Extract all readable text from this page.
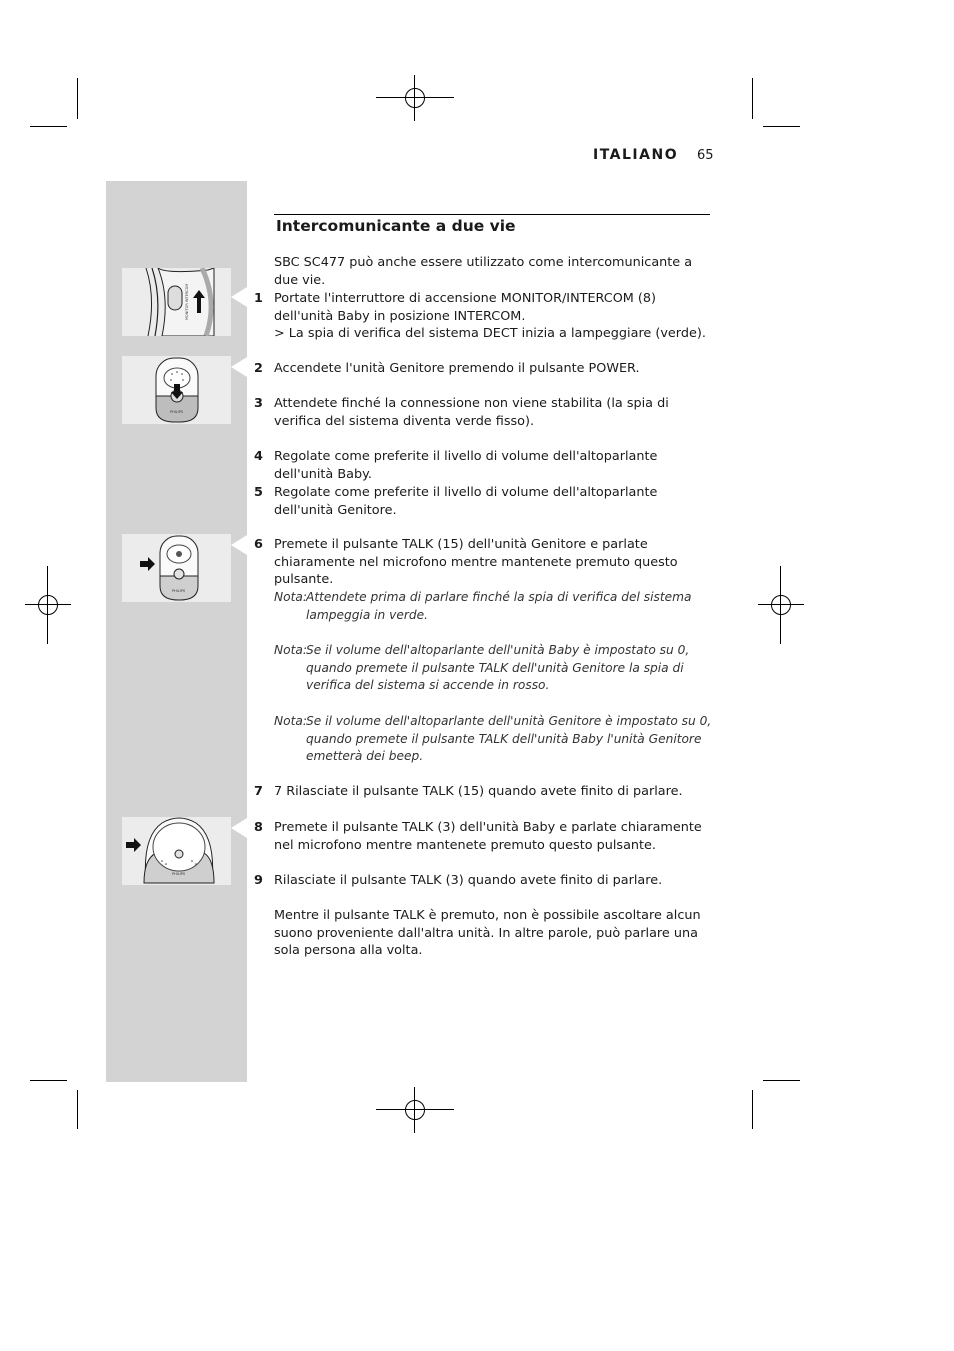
ITALIANO 65
MONITOR INTERCOM
PHILIPS
PHILIPS
PHILIPS
Intercomunicante a due vie
SBC SC477 può anche essere utilizzato come intercomunicante a due vie.
1 Portate l'interruttore di accensione MONITOR/INTERCOM (8) dell'unità Baby in posizione INTERCOM.
> La spia di verifica del sistema DECT inizia a lampeggiare (verde).
2 Accendete l'unità Genitore premendo il pulsante POWER.
3 Attendete finché la connessione non viene stabilita (la spia di verifica del sistema diventa verde fisso).
4 Regolate come preferite il livello di volume dell'altoparlante dell'unità Baby.
5 Regolate come preferite il livello di volume dell'altoparlante dell'unità Genitore.
6 Premete il pulsante TALK (15) dell'unità Genitore e parlate chiaramente nel microfono mentre mantenete premuto questo pulsante.
Nota: Attendete prima di parlare finché la spia di verifica del sistema lampeggia in verde.
Nota: Se il volume dell'altoparlante dell'unità Baby è impostato su 0, quando premete il pulsante TALK dell'unità Genitore la spia di verifica del sistema si accende in rosso.
Nota: Se il volume dell'altoparlante dell'unità Genitore è impostato su 0, quando premete il pulsante TALK dell'unità Baby l'unità Genitore emetterà dei beep.
7 7 Rilasciate il pulsante TALK (15) quando avete finito di parlare.
8 Premete il pulsante TALK (3) dell'unità Baby e parlate chiaramente nel microfono mentre mantenete premuto questo pulsante.
9 Rilasciate il pulsante TALK (3) quando avete finito di parlare.
Mentre il pulsante TALK è premuto, non è possibile ascoltare alcun suono proveniente dall'altra unità. In altre parole, può parlare una sola persona alla volta.
